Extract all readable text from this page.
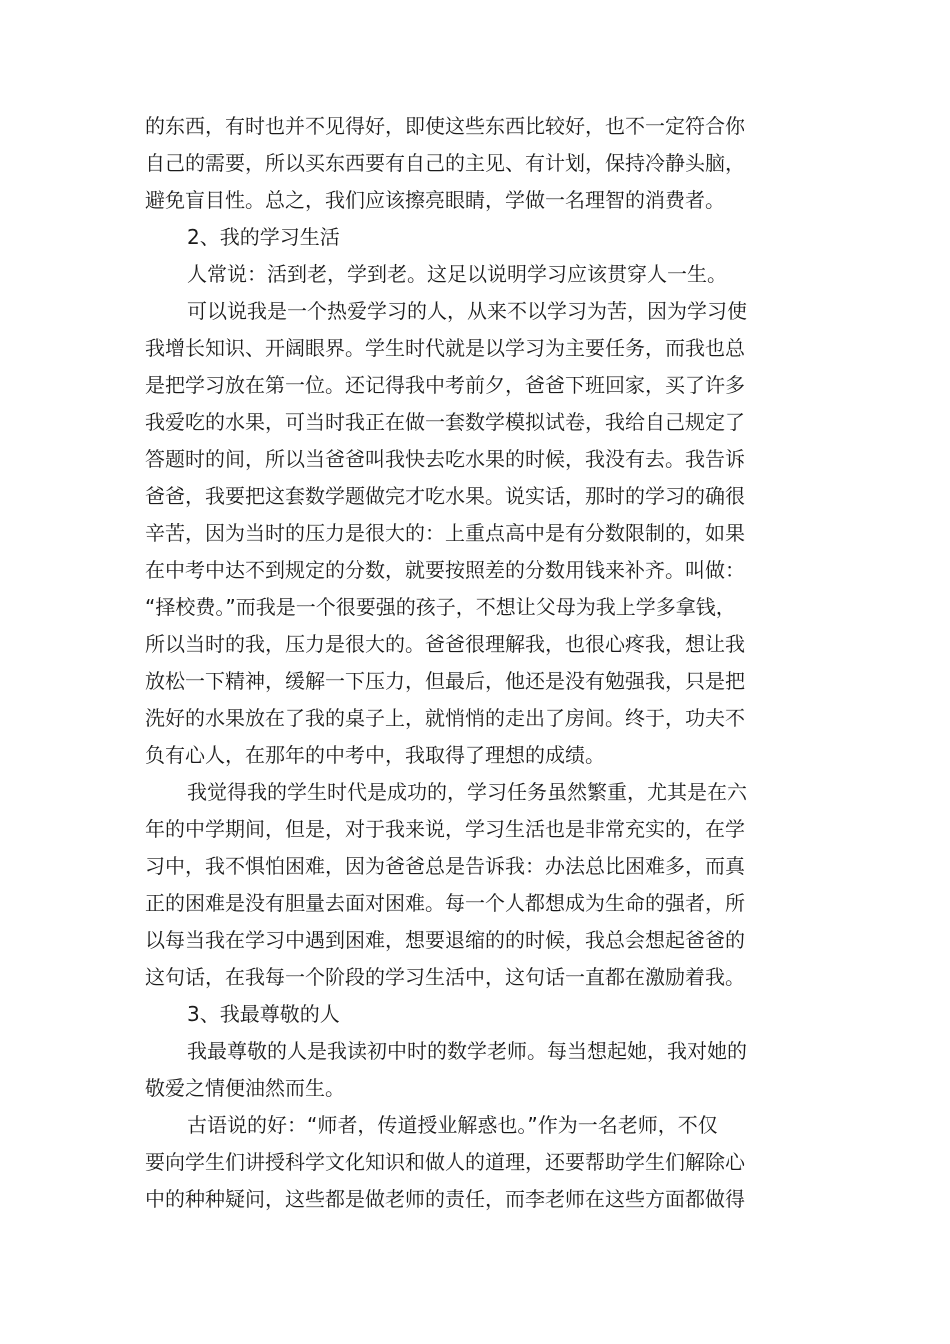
的东西，有时也并不见得好，即使这些东西比较好，也不一定符合你
自己的需要，所以买东西要有自己的主见、有计划，保持冷静头脑，
避免盲目性。总之，我们应该擦亮眼睛，学做一名理智的消费者。
2、我的学习生活
人常说：活到老，学到老。这足以说明学习应该贯穿人一生。
可以说我是一个热爱学习的人，从来不以学习为苦，因为学习使
我增长知识、开阔眼界。学生时代就是以学习为主要任务，而我也总
是把学习放在第一位。还记得我中考前夕，爸爸下班回家，买了许多
我爱吃的水果，可当时我正在做一套数学模拟试卷，我给自己规定了
答题时的间，所以当爸爸叫我快去吃水果的时候，我没有去。我告诉
爸爸，我要把这套数学题做完才吃水果。说实话，那时的学习的确很
辛苦，因为当时的压力是很大的：上重点高中是有分数限制的，如果
在中考中达不到规定的分数，就要按照差的分数用钱来补齐。叫做：
“择校费。”而我是一个很要强的孩子，不想让父母为我上学多拿钱，
所以当时的我，压力是很大的。爸爸很理解我，也很心疼我，想让我
放松一下精神，缓解一下压力，但最后，他还是没有勉强我，只是把
洗好的水果放在了我的桌子上，就悄悄的走出了房间。终于，功夫不
负有心人，在那年的中考中，我取得了理想的成绩。
我觉得我的学生时代是成功的，学习任务虽然繁重，尤其是在六
年的中学期间，但是，对于我来说，学习生活也是非常充实的，在学
习中，我不惧怕困难，因为爸爸总是告诉我：办法总比困难多，而真
正的困难是没有胆量去面对困难。每一个人都想成为生命的强者，所
以每当我在学习中遇到困难，想要退缩的的时候，我总会想起爸爸的
这句话，在我每一个阶段的学习生活中，这句话一直都在激励着我。
3、我最尊敬的人
我最尊敬的人是我读初中时的数学老师。每当想起她，我对她的
敬爱之情便油然而生。
古语说的好：“师者，传道授业解惑也。”作为一名老师，不仅
要向学生们讲授科学文化知识和做人的道理，还要帮助学生们解除心
中的种种疑问，这些都是做老师的责任，而李老师在这些方面都做得
